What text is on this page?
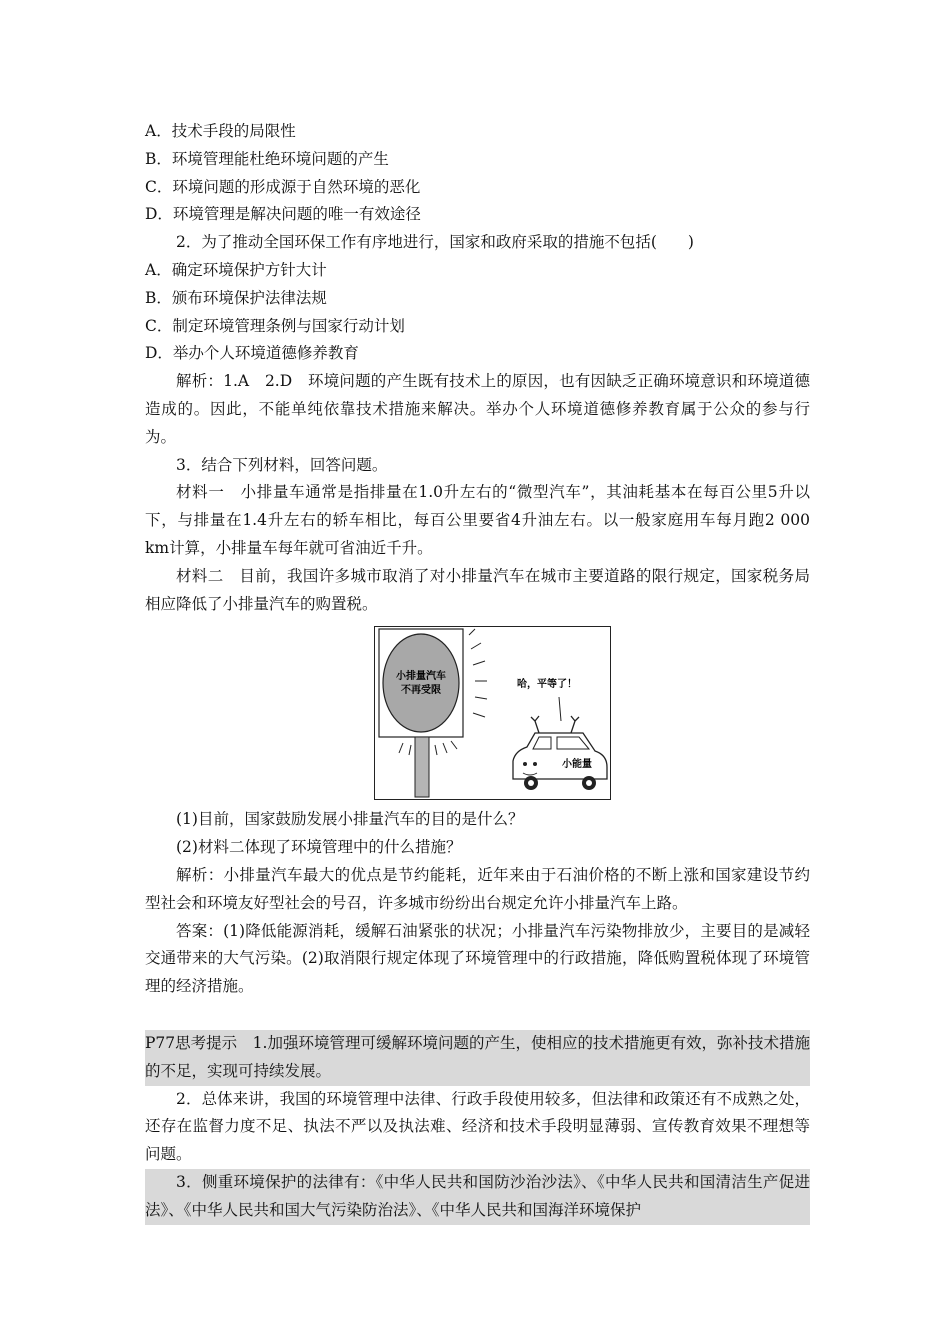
A．技术手段的局限性
B．环境管理能杜绝环境问题的产生
C．环境问题的形成源于自然环境的恶化
D．环境管理是解决问题的唯一有效途径
2．为了推动全国环保工作有序地进行，国家和政府采取的措施不包括(　　)
A．确定环境保护方针大计
B．颁布环境保护法律法规
C．制定环境管理条例与国家行动计划
D．举办个人环境道德修养教育
解析：1.A　2.D　环境问题的产生既有技术上的原因，也有因缺乏正确环境意识和环境道德造成的。因此，不能单纯依靠技术措施来解决。举办个人环境道德修养教育属于公众的参与行为。
3．结合下列材料，回答问题。
材料一　小排量车通常是指排量在1.0升左右的“微型汽车”，其油耗基本在每百公里5升以下，与排量在1.4升左右的轿车相比，每百公里要省4升油左右。以一般家庭用车每月跑2 000 km计算，小排量车每年就可省油近千升。
材料二　目前，我国许多城市取消了对小排量汽车在城市主要道路的限行规定，国家税务局相应降低了小排量汽车的购置税。
小排量汽车
不再受限
哈，平等了！
小能量
(1)目前，国家鼓励发展小排量汽车的目的是什么？
(2)材料二体现了环境管理中的什么措施？
解析：小排量汽车最大的优点是节约能耗，近年来由于石油价格的不断上涨和国家建设节约型社会和环境友好型社会的号召，许多城市纷纷出台规定允许小排量汽车上路。
答案：(1)降低能源消耗，缓解石油紧张的状况；小排量汽车污染物排放少，主要目的是减轻交通带来的大气污染。(2)取消限行规定体现了环境管理中的行政措施，降低购置税体现了环境管理的经济措施。
P77思考提示　1.加强环境管理可缓解环境问题的产生，使相应的技术措施更有效，弥补技术措施的不足，实现可持续发展。
2．总体来讲，我国的环境管理中法律、行政手段使用较多，但法律和政策还有不成熟之处，还存在监督力度不足、执法不严以及执法难、经济和技术手段明显薄弱、宣传教育效果不理想等问题。
3．侧重环境保护的法律有：《中华人民共和国防沙治沙法》、《中华人民共和国清洁生产促进法》、《中华人民共和国大气污染防治法》、《中华人民共和国海洋环境保护
